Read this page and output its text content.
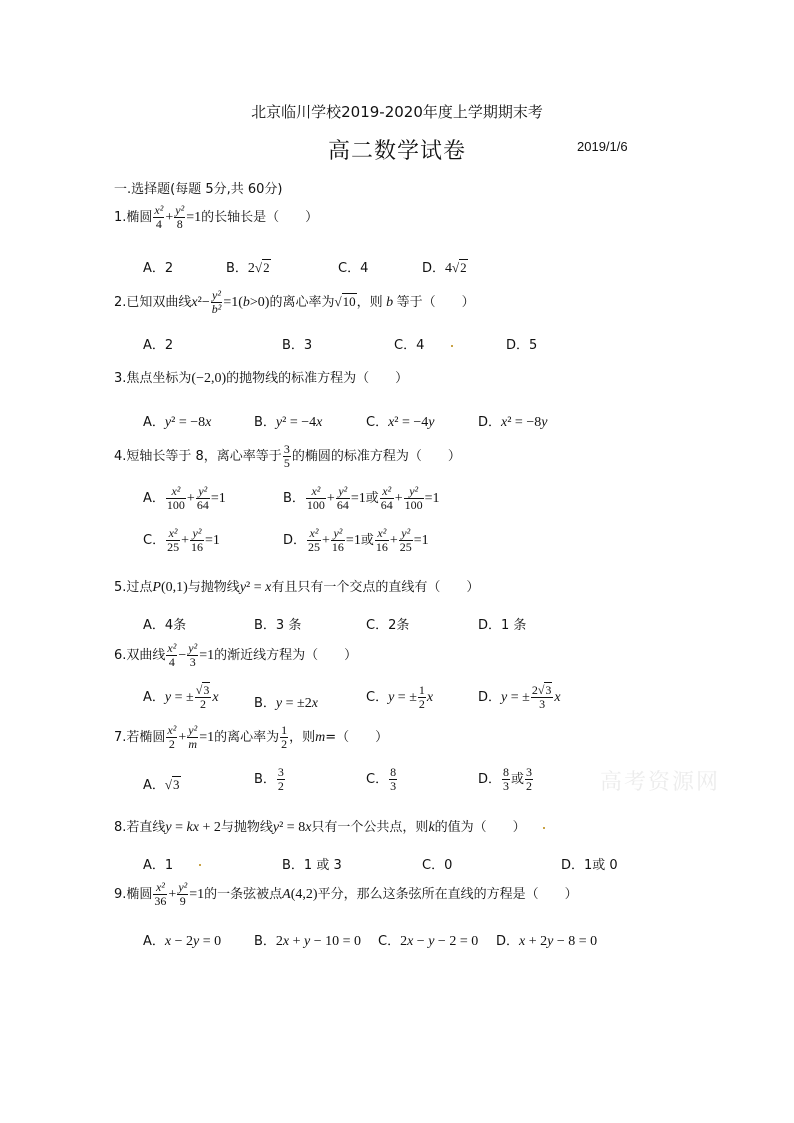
北京临川学校2019-2020年度上学期期末考
高二数学试卷	2019/1/6
一.选择题(每题 5分,共 60分)
1.椭圆 $\frac{\text{x²}}{4} + \frac{\text{y²}}{8} =1$的长轴长是（　　）
A．2	B．2√2	C．4	D．4√2
2.已知双曲线$x^2- \frac{\text{y²}}{\text{b²}} =1(b>0)$的离心率为√10，则 b 等于（　　）
A．2	B．3	C．4	D．5
3.焦点坐标为(−2,0)的抛物线的标准方程为（　　）
A．y² = −8x	B．y² = −4x	C．x² = −4y	D．x² = −8y
4.短轴长等于 8，离心率等于 $\frac{3}{5}$ 的椭圆的标准方程为（　　）
A． $\frac{\text{x²}}{100} + \frac{\text{y²}}{64} =1$	B． $\frac{\text{x²}}{100} + \frac{\text{y²}}{64} =1$或 $\frac{\text{x²}}{64} + \frac{\text{y²}}{100} =1$
C． $\frac{\text{x²}}{25} + \frac{\text{y²}}{16} =1$	D． $\frac{\text{x²}}{25} + \frac{\text{y²}}{16} =1$或 $\frac{\text{x²}}{16} + \frac{\text{y²}}{25} =1$
5.过点P(0,1)与抛物线y² = x有且只有一个交点的直线有（　　）
A．4条	B．3 条	C．2条	D．1 条
6.双曲线 $\frac{\text{x²}}{4} - \frac{\text{y²}}{3} =1$的渐近线方程为（　　）
A．y = ± $\frac{√3}{2}$ x	B．y = ±2x	C．y = ± $\frac{1}{2}$ x	D．y = ± $\frac{2√3}{3}$ x
7.若椭圆 $\frac{\text{x²}}{2} + \frac{\text{y²}}{m} =1$的离心率为 $\frac{1}{2}$ ，则m=（　　）
A．√3	B． $\frac{3}{2}$	C． $\frac{8}{3}$	D． $\frac{8}{3}$ 或 $\frac{3}{2}$
8.若直线y = kx + 2与抛物线y² = 8x只有一个公共点，则k的值为（　　）
A．1	B．1 或 3	C．0	D．1或 0
9.椭圆 $\frac{\text{x²}}{36} + \frac{\text{y²}}{9} =1$的一条弦被点A(4,2)平分，那么这条弦所在直线的方程是（　　）
A．x − 2y = 0	B．2x + y − 10 = 0 C．2x − y − 2 = 0 D．x + 2y − 8 = 0
高考资源网
